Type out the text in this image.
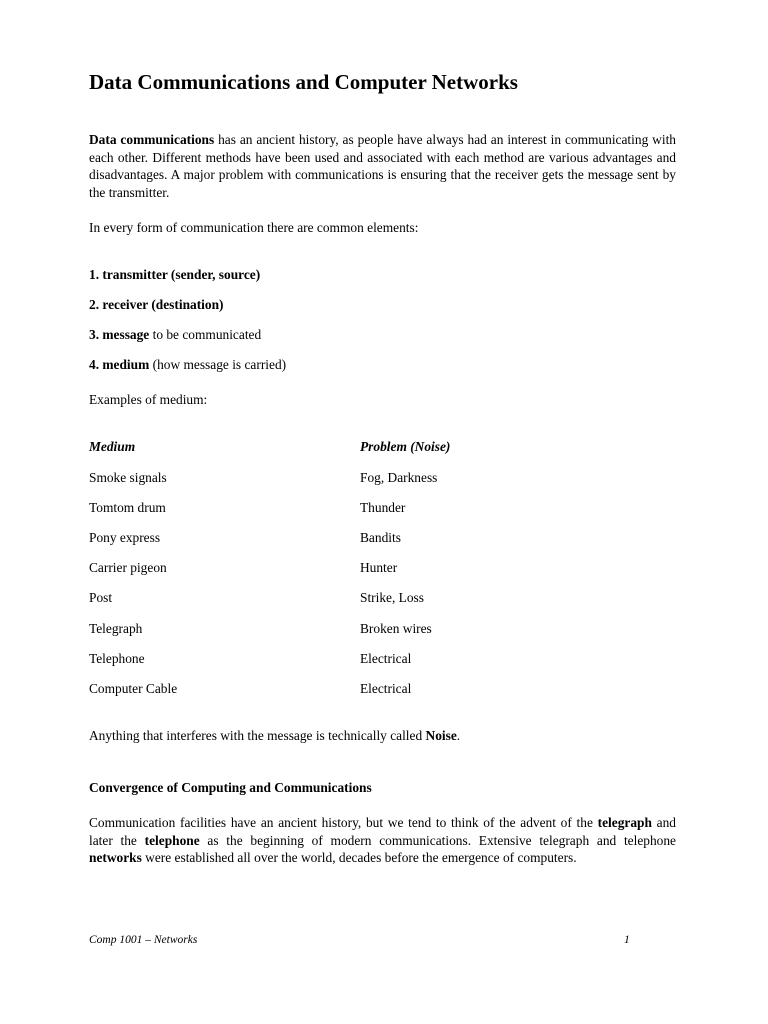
Data Communications and Computer Networks

Data communications has an ancient history, as people have always had an interest in communicating with each other. Different methods have been used and associated with each method are various advantages and disadvantages. A major problem with communications is ensuring that the receiver gets the message sent by the transmitter.

In every form of communication there are common elements:

1. transmitter (sender, source)

2. receiver (destination)

3. message to be communicated

4. medium (how message is carried)

Examples of medium:

Medium	Problem (Noise)

Smoke signals	Fog, Darkness

Tomtom drum	Thunder

Pony express	Bandits

Carrier pigeon	Hunter

Post	Strike, Loss

Telegraph	Broken wires

Telephone	Electrical

Computer Cable	Electrical

Anything that interferes with the message is technically called Noise.

Convergence of Computing and Communications

Communication facilities have an ancient history, but we tend to think of the advent of the telegraph and later the telephone as the beginning of modern communications. Extensive telegraph and telephone networks were established all over the world, decades before the emergence of computers.

Comp 1001 – Networks	1
